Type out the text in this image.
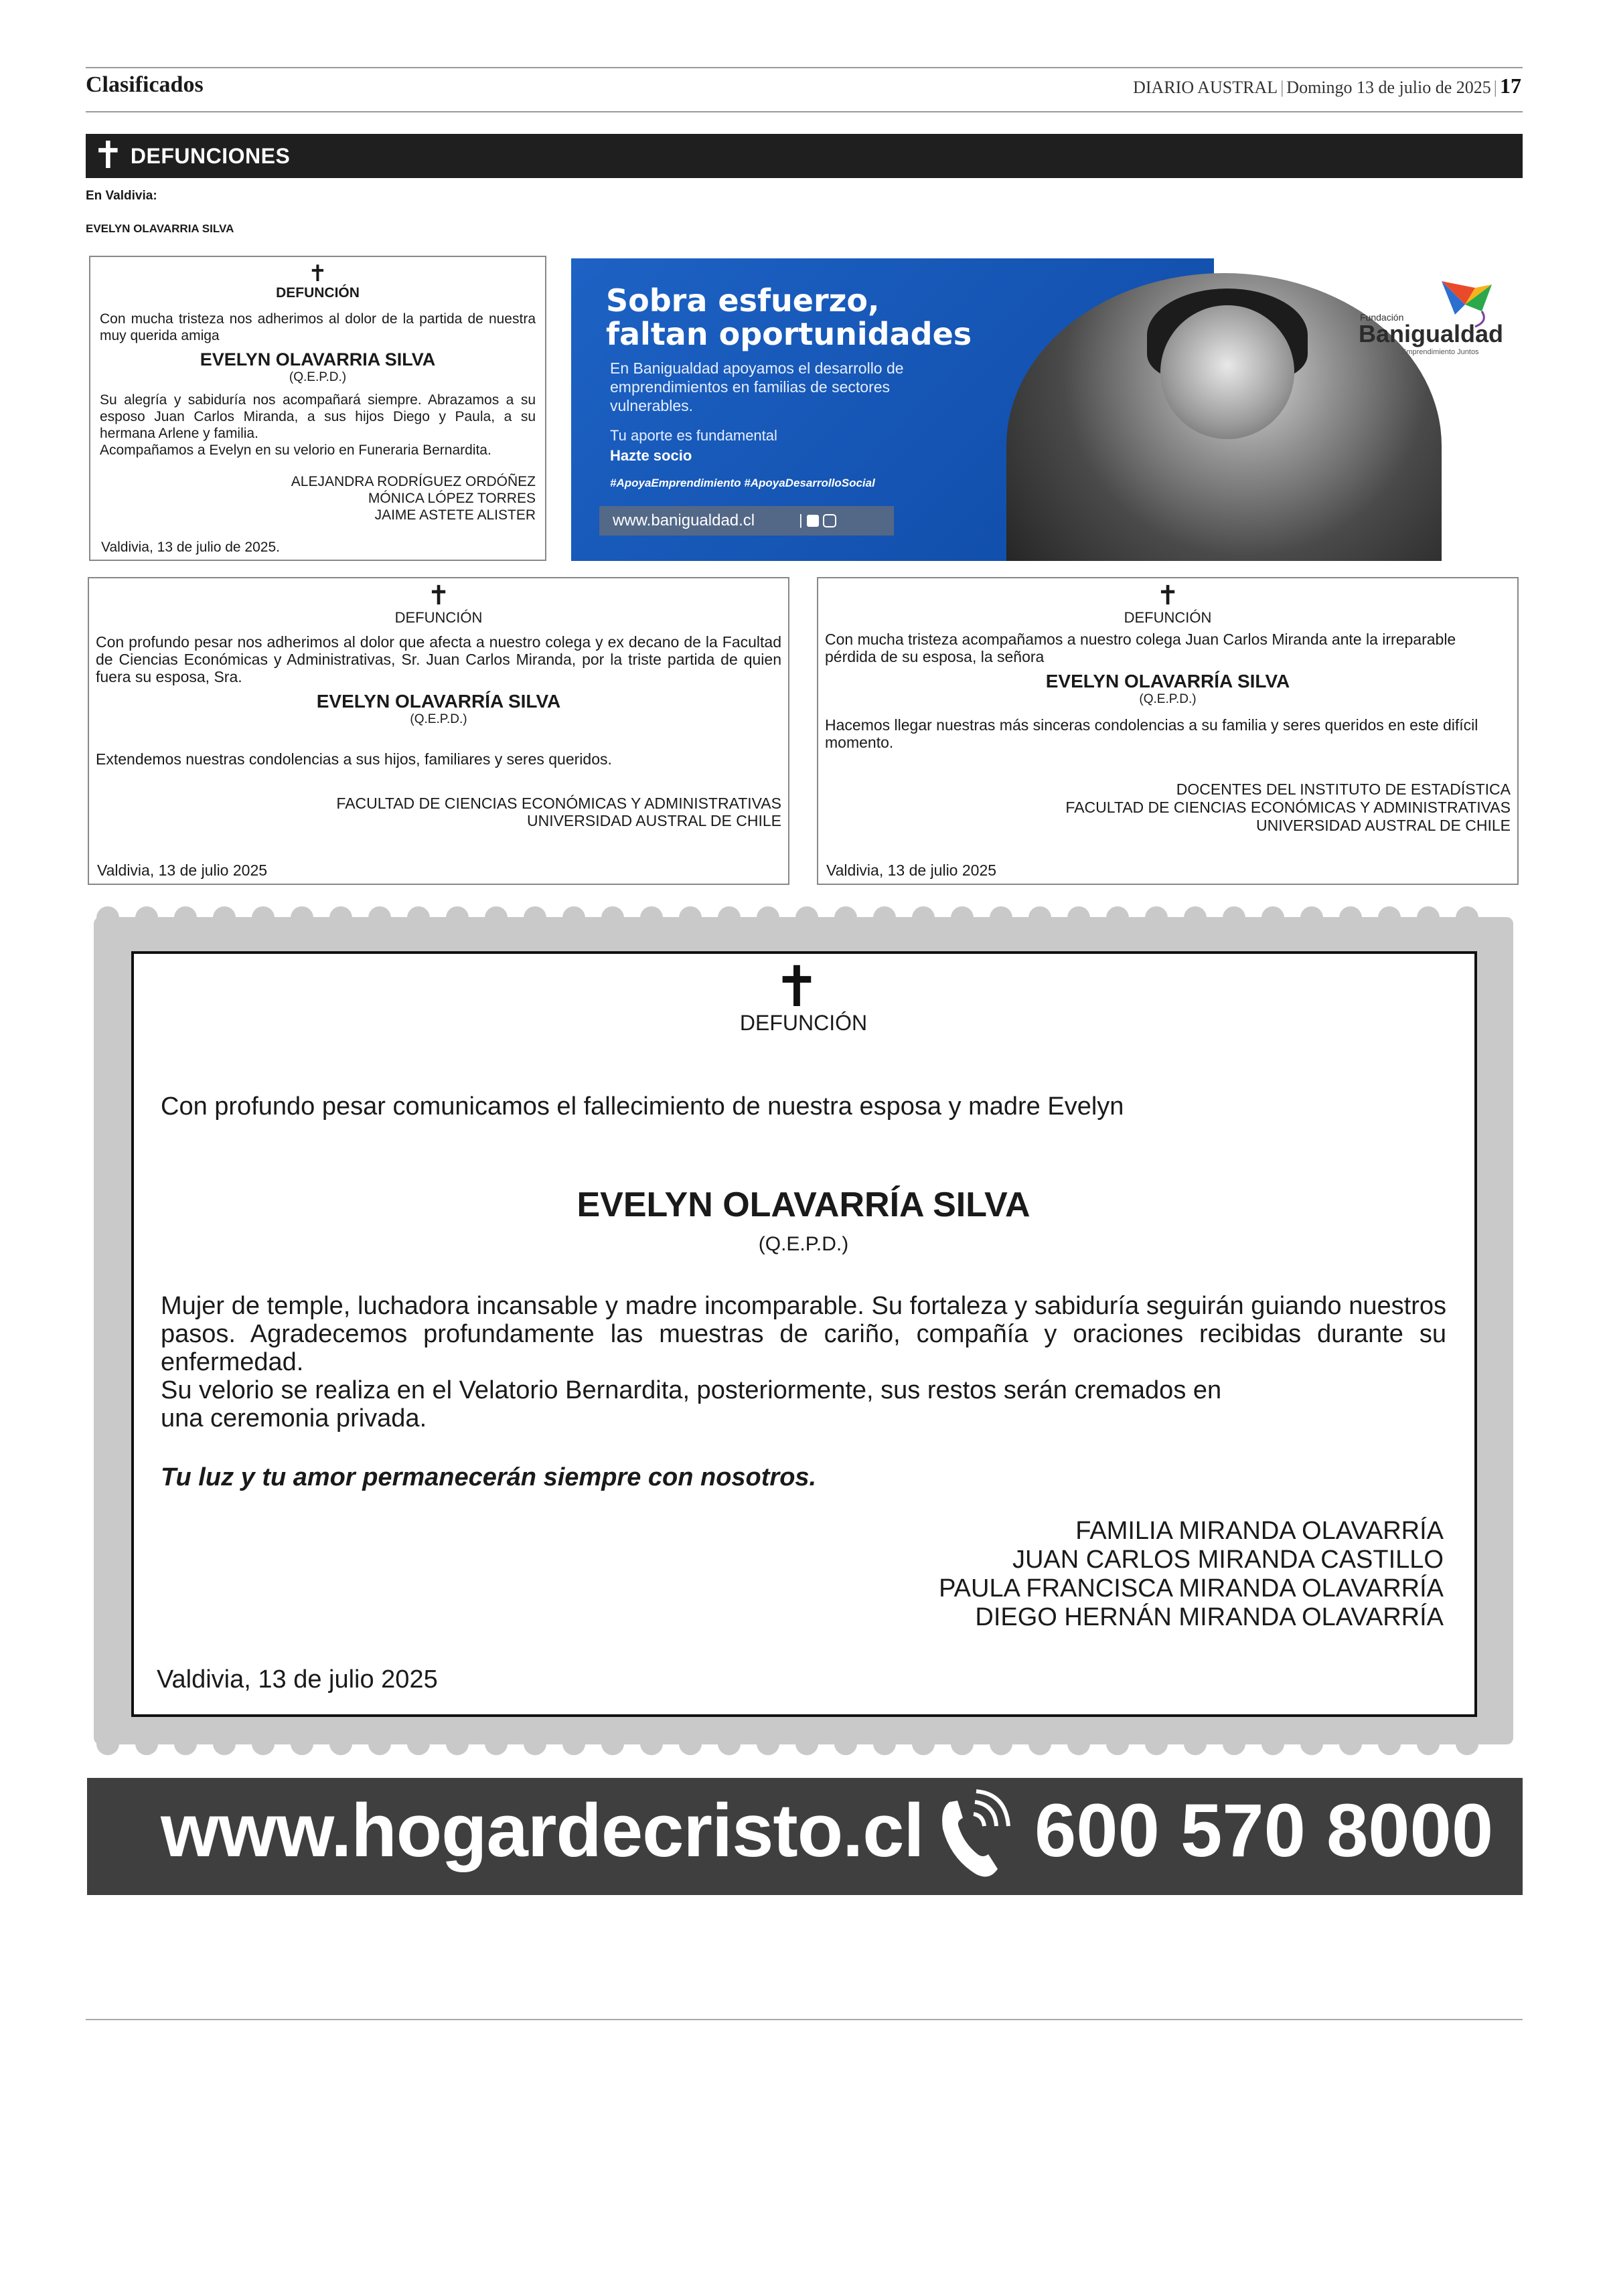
Clasificados	DIARIO AUSTRAL | Domingo 13 de julio de 2025 | 17
✝ DEFUNCIONES
En Valdivia:
EVELYN OLAVARRIA SILVA
✝
DEFUNCIÓN

Con mucha tristeza nos adherimos al dolor de la partida de nuestra muy querida amiga

EVELYN OLAVARRIA SILVA
(Q.E.P.D.)

Su alegría y sabiduría nos acompañará siempre. Abrazamos a su esposo Juan Carlos Miranda, a sus hijos Diego y Paula, a su hermana Arlene y familia.

Acompañamos a Evelyn en su velorio en Funeraria Bernardita.

ALEJANDRA RODRÍGUEZ ORDÓÑEZ
MÓNICA LÓPEZ TORRES
JAIME ASTETE ALISTER
Valdivia, 13 de julio de 2025.
Sobra esfuerzo,
faltan oportunidades
En Banigualdad apoyamos el desarrollo de emprendimientos en familias de sectores vulnerables.
Tu aporte es fundamental
Hazte socio
#ApoyaEmprendimiento #ApoyaDesarrolloSocial
www.banigualdad.cl	|
Fundación
Banigualdad
Emprendimiento Juntos
✝
DEFUNCIÓN

Con profundo pesar nos adherimos al dolor que afecta a nuestro colega y ex decano de la Facultad de Ciencias Económicas y Administrativas, Sr. Juan Carlos Miranda, por la triste partida de quien fuera su esposa, Sra.

EVELYN OLAVARRÍA SILVA
(Q.E.P.D.)

Extendemos nuestras condolencias a sus hijos, familiares y seres queridos.

FACULTAD DE CIENCIAS ECONÓMICAS Y ADMINISTRATIVAS
UNIVERSIDAD AUSTRAL DE CHILE
Valdivia, 13 de julio 2025
✝
DEFUNCIÓN

Con mucha tristeza acompañamos a nuestro colega Juan Carlos Miranda ante la irreparable pérdida de su esposa, la señora

EVELYN OLAVARRÍA SILVA
(Q.E.P.D.)

Hacemos llegar nuestras más sinceras condolencias a su familia y seres queridos en este difícil momento.

DOCENTES DEL INSTITUTO DE ESTADÍSTICA
FACULTAD DE CIENCIAS ECONÓMICAS Y ADMINISTRATIVAS
UNIVERSIDAD AUSTRAL DE CHILE
Valdivia, 13 de julio 2025
✝
DEFUNCIÓN
Con profundo pesar comunicamos el fallecimiento de nuestra esposa y madre Evelyn
EVELYN OLAVARRÍA SILVA
(Q.E.P.D.)

Mujer de temple, luchadora incansable y madre incomparable. Su fortaleza y sabiduría seguirán guiando nuestros pasos. Agradecemos profundamente las muestras de cariño, compañía y oraciones recibidas durante su enfermedad.

Su velorio se realiza en el Velatorio Bernardita, posteriormente, sus restos serán cremados en una ceremonia privada.

Tu luz y tu amor permanecerán siempre con nosotros.
FAMILIA MIRANDA OLAVARRÍA
JUAN CARLOS MIRANDA CASTILLO
PAULA FRANCISCA MIRANDA OLAVARRÍA
DIEGO HERNÁN MIRANDA OLAVARRÍA
Valdivia, 13 de julio 2025
www.hogardecristo.cl 600 570 8000
